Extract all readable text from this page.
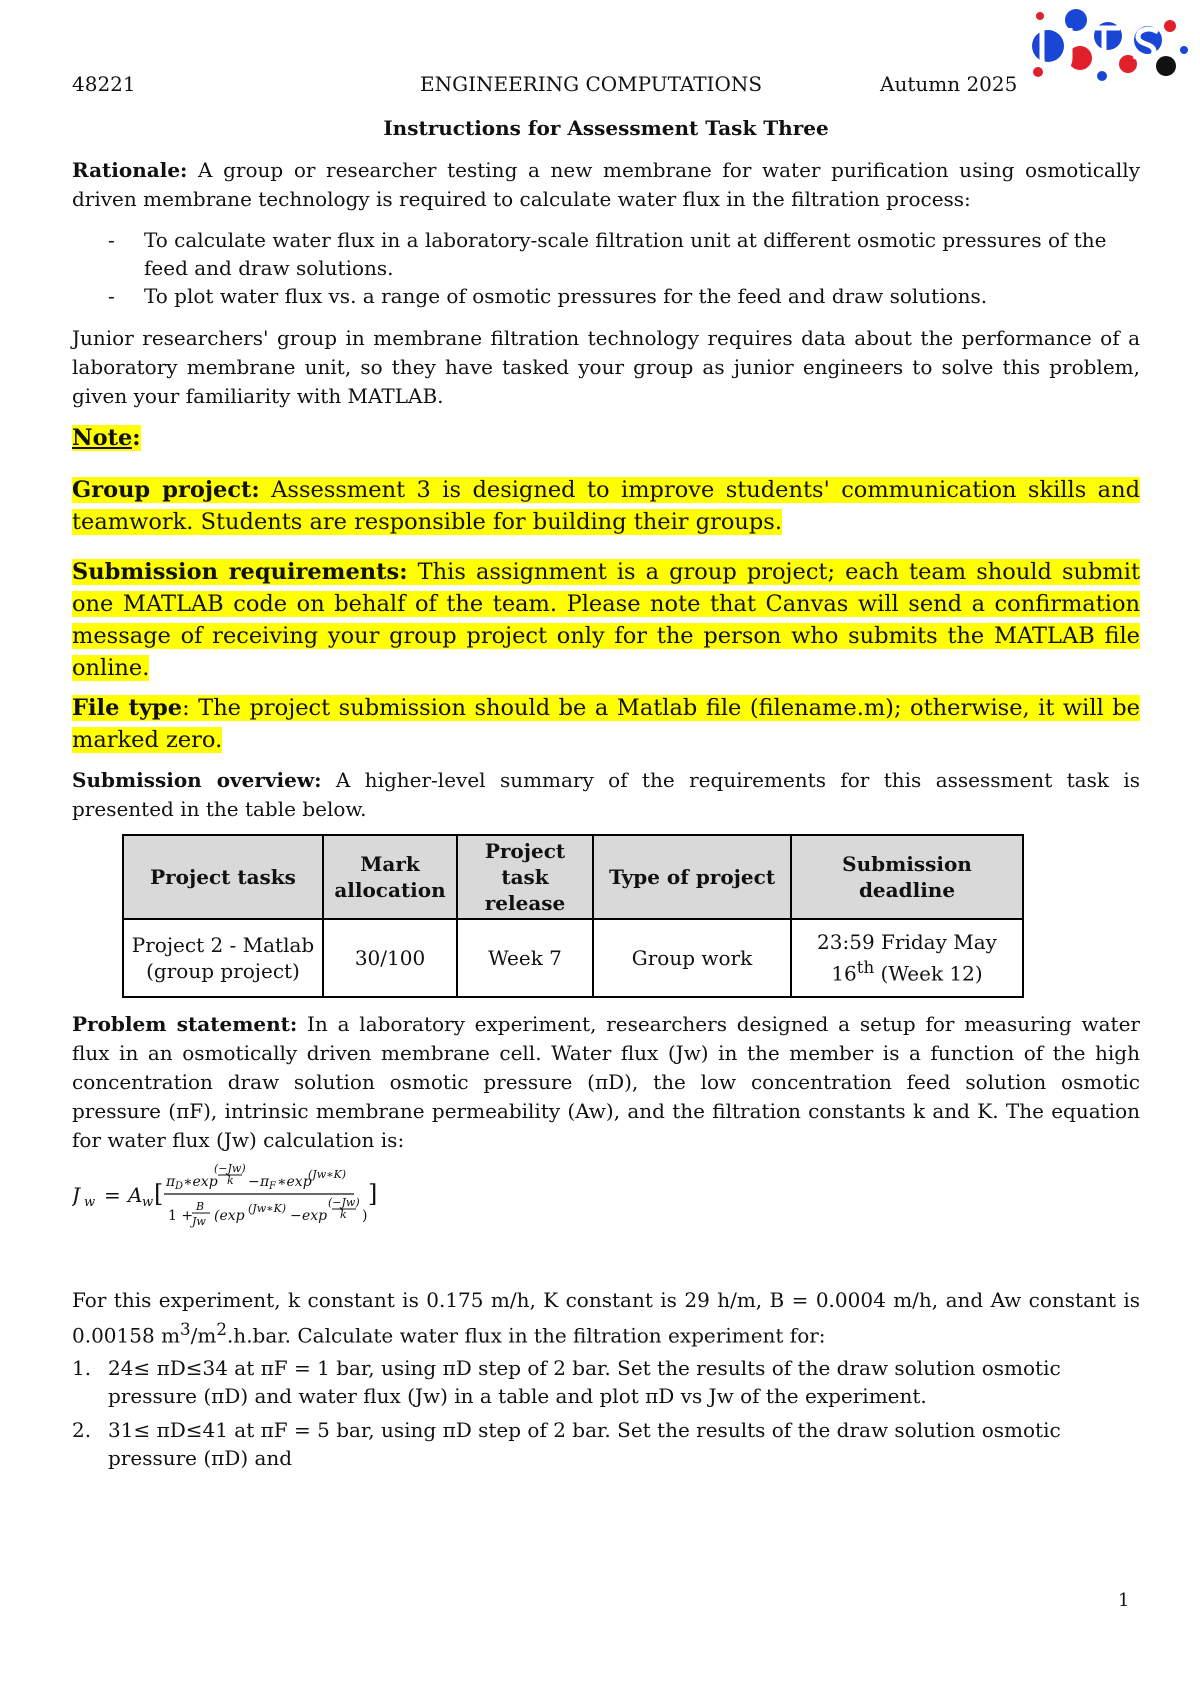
48221	ENGINEERING COMPUTATIONS	Autumn 2025

Instructions for Assessment Task Three

Rationale: A group or researcher testing a new membrane for water purification using osmotically driven membrane technology is required to calculate water flux in the filtration process:

- To calculate water flux in a laboratory-scale filtration unit at different osmotic pressures of the feed and draw solutions.
- To plot water flux vs. a range of osmotic pressures for the feed and draw solutions.

Junior researchers' group in membrane filtration technology requires data about the performance of a laboratory membrane unit, so they have tasked your group as junior engineers to solve this problem, given your familiarity with MATLAB.

Note:

Group project: Assessment 3 is designed to improve students' communication skills and teamwork. Students are responsible for building their groups.

Submission requirements: This assignment is a group project; each team should submit one MATLAB code on behalf of the team. Please note that Canvas will send a confirmation message of receiving your group project only for the person who submits the MATLAB file online.

File type: The project submission should be a Matlab file (filename.m); otherwise, it will be marked zero.

Submission overview: A higher-level summary of the requirements for this assessment task is presented in the table below.

Project tasks	Mark allocation	Project task release	Type of project	Submission deadline
Project 2 - Matlab (group project)	30/100	Week 7	Group work	23:59 Friday May 16th (Week 12)

Problem statement: In a laboratory experiment, researchers designed a setup for measuring water flux in an osmotically driven membrane cell. Water flux (Jw) in the member is a function of the high concentration draw solution osmotic pressure (πD), the low concentration feed solution osmotic pressure (πF), intrinsic membrane permeability (Aw), and the filtration constants k and K. The equation for water flux (Jw) calculation is:

J w = A w [ π D ∗exp
(−Jw)
k − π F ∗exp
(Jw∗K)
1 +
B
Jw (exp (Jw∗K) − exp
(−Jw)
k )
]

For this experiment, k constant is 0.175 m/h, K constant is 29 h/m, B = 0.0004 m/h, and Aw constant is 0.00158 $m^3/m^2.h.bar$. Calculate water flux in the filtration experiment for:

1. 24≤ πD≤34 at πF = 1 bar, using πD step of 2 bar. Set the results of the draw solution osmotic pressure (πD) and water flux (Jw) in a table and plot πD vs Jw of the experiment.
2. 31≤ πD≤41 at πF = 5 bar, using πD step of 2 bar. Set the results of the draw solution osmotic pressure (πD) and
1
